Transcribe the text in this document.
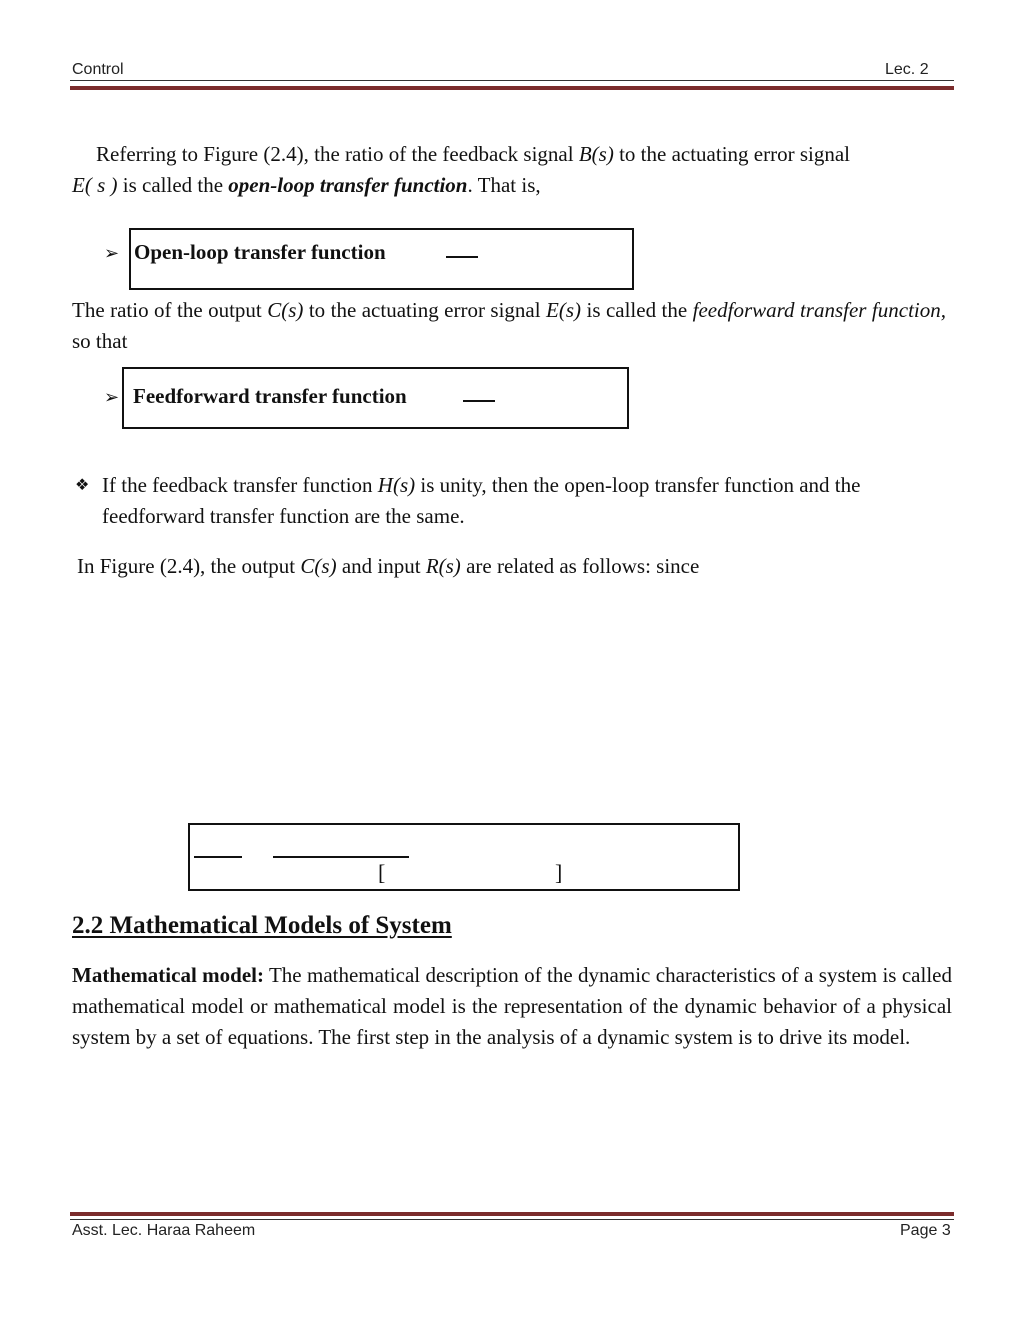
Control	Lec. 2
Referring to Figure (2.4), the ratio of the feedback signal B(s) to the actuating error signal
E( s ) is called the open-loop transfer function. That is,
➢ Open-loop transfer function
The ratio of the output C(s) to the actuating error signal E(s) is called the feedforward transfer function, so that
➢ Feedforward transfer function
❖ If the feedback transfer function H(s) is unity, then the open-loop transfer function and the feedforward transfer function are the same.
In Figure (2.4), the output C(s) and input R(s) are related as follows: since
[	]
2.2 Mathematical Models of System
Mathematical model: The mathematical description of the dynamic characteristics of a system is called mathematical model or mathematical model is the representation of the dynamic behavior of a physical system by a set of equations. The first step in the analysis of a dynamic system is to drive its model.
Asst. Lec. Haraa Raheem	Page 3
